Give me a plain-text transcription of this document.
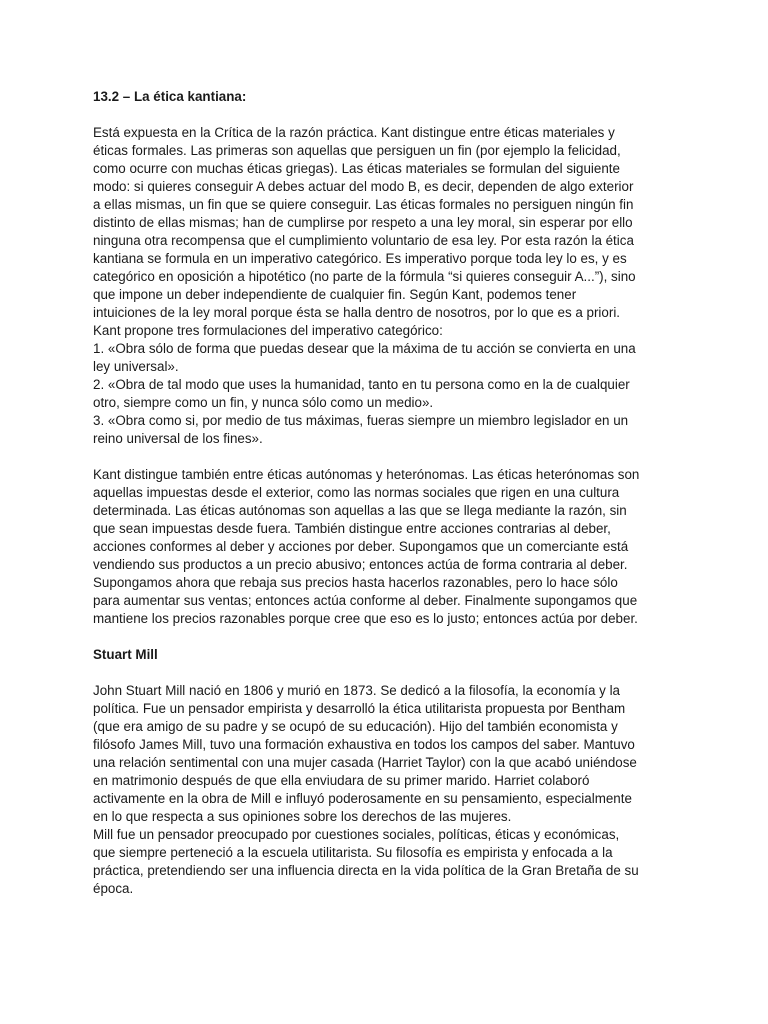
13.2 – La ética kantiana:

Está expuesta en la Crítica de la razón práctica. Kant distingue entre éticas materiales y
éticas formales. Las primeras son aquellas que persiguen un fin (por ejemplo la felicidad,
como ocurre con muchas éticas griegas). Las éticas materiales se formulan del siguiente
modo: si quieres conseguir A debes actuar del modo B, es decir, dependen de algo exterior
a ellas mismas, un fin que se quiere conseguir. Las éticas formales no persiguen ningún fin
distinto de ellas mismas; han de cumplirse por respeto a una ley moral, sin esperar por ello
ninguna otra recompensa que el cumplimiento voluntario de esa ley. Por esta razón la ética
kantiana se formula en un imperativo categórico. Es imperativo porque toda ley lo es, y es
categórico en oposición a hipotético (no parte de la fórmula “si quieres conseguir A...”), sino
que impone un deber independiente de cualquier fin. Según Kant, podemos tener
intuiciones de la ley moral porque ésta se halla dentro de nosotros, por lo que es a priori.
Kant propone tres formulaciones del imperativo categórico:
1. «Obra sólo de forma que puedas desear que la máxima de tu acción se convierta en una
ley universal».
2. «Obra de tal modo que uses la humanidad, tanto en tu persona como en la de cualquier
otro, siempre como un fin, y nunca sólo como un medio».
3. «Obra como si, por medio de tus máximas, fueras siempre un miembro legislador en un
reino universal de los fines».

Kant distingue también entre éticas autónomas y heterónomas. Las éticas heterónomas son
aquellas impuestas desde el exterior, como las normas sociales que rigen en una cultura
determinada. Las éticas autónomas son aquellas a las que se llega mediante la razón, sin
que sean impuestas desde fuera. También distingue entre acciones contrarias al deber,
acciones conformes al deber y acciones por deber. Supongamos que un comerciante está
vendiendo sus productos a un precio abusivo; entonces actúa de forma contraria al deber.
Supongamos ahora que rebaja sus precios hasta hacerlos razonables, pero lo hace sólo
para aumentar sus ventas; entonces actúa conforme al deber. Finalmente supongamos que
mantiene los precios razonables porque cree que eso es lo justo; entonces actúa por deber.

Stuart Mill

John Stuart Mill nació en 1806 y murió en 1873. Se dedicó a la filosofía, la economía y la
política. Fue un pensador empirista y desarrolló la ética utilitarista propuesta por Bentham
(que era amigo de su padre y se ocupó de su educación). Hijo del también economista y
filósofo James Mill, tuvo una formación exhaustiva en todos los campos del saber. Mantuvo
una relación sentimental con una mujer casada (Harriet Taylor) con la que acabó uniéndose
en matrimonio después de que ella enviudara de su primer marido. Harriet colaboró
activamente en la obra de Mill e influyó poderosamente en su pensamiento, especialmente
en lo que respecta a sus opiniones sobre los derechos de las mujeres.
Mill fue un pensador preocupado por cuestiones sociales, políticas, éticas y económicas,
que siempre perteneció a la escuela utilitarista. Su filosofía es empirista y enfocada a la
práctica, pretendiendo ser una influencia directa en la vida política de la Gran Bretaña de su
época.
